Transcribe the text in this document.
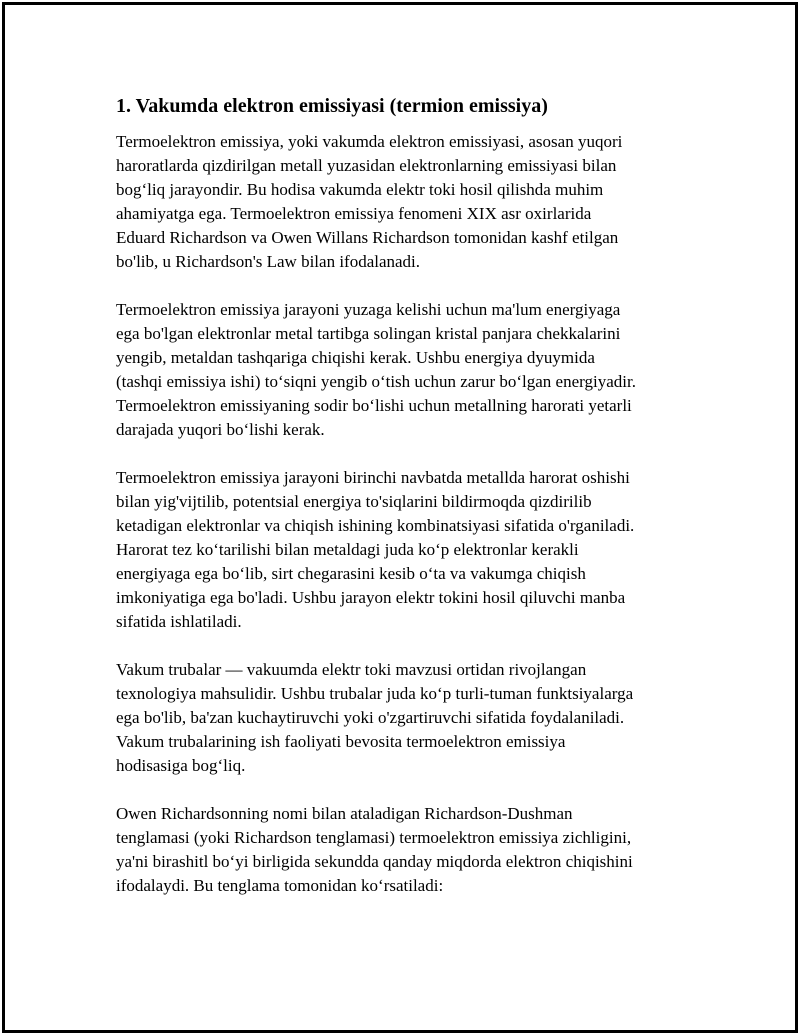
1. Vakumda elektron emissiyasi (termion emissiya)

Termoelektron emissiya, yoki vakumda elektron emissiyasi, asosan yuqori
haroratlarda qizdirilgan metall yuzasidan elektronlarning emissiyasi bilan
bog‘liq jarayondir. Bu hodisa vakumda elektr toki hosil qilishda muhim
ahamiyatga ega. Termoelektron emissiya fenomeni XIX asr oxirlarida
Eduard Richardson va Owen Willans Richardson tomonidan kashf etilgan
bo'lib, u Richardson's Law bilan ifodalanadi.

Termoelektron emissiya jarayoni yuzaga kelishi uchun ma'lum energiyaga
ega bo'lgan elektronlar metal tartibga solingan kristal panjara chekkalarini
yengib, metaldan tashqariga chiqishi kerak. Ushbu energiya dyuymida
(tashqi emissiya ishi) to‘siqni yengib o‘tish uchun zarur bo‘lgan energiyadir.
Termoelektron emissiyaning sodir bo‘lishi uchun metallning harorati yetarli
darajada yuqori bo‘lishi kerak.

Termoelektron emissiya jarayoni birinchi navbatda metallda harorat oshishi
bilan yig'vijtilib, potentsial energiya to'siqlarini bildirmoqda qizdirilib
ketadigan elektronlar va chiqish ishining kombinatsiyasi sifatida o'rganiladi.
Harorat tez ko‘tarilishi bilan metaldagi juda ko‘p elektronlar kerakli
energiyaga ega bo‘lib, sirt chegarasini kesib o‘ta va vakumga chiqish
imkoniyatiga ega bo'ladi. Ushbu jarayon elektr tokini hosil qiluvchi manba
sifatida ishlatiladi.

Vakum trubalar — vakuumda elektr toki mavzusi ortidan rivojlangan
texnologiya mahsulidir. Ushbu trubalar juda ko‘p turli-tuman funktsiyalarga
ega bo'lib, ba'zan kuchaytiruvchi yoki o'zgartiruvchi sifatida foydalaniladi.
Vakum trubalarining ish faoliyati bevosita termoelektron emissiya
hodisasiga bog‘liq.

Owen Richardsonning nomi bilan ataladigan Richardson-Dushman
tenglamasi (yoki Richardson tenglamasi) termoelektron emissiya zichligini,
ya'ni birashitl bo‘yi birligida sekundda qanday miqdorda elektron chiqishini
ifodalaydi. Bu tenglama tomonidan ko‘rsatiladi:
